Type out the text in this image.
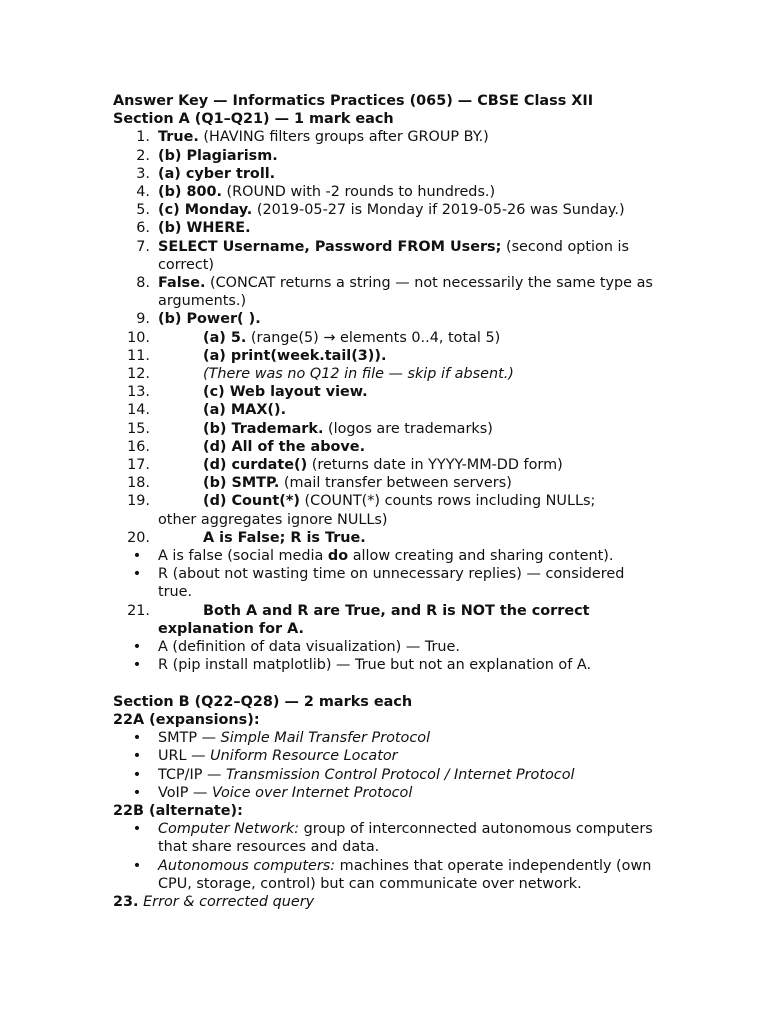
Answer Key — Informatics Practices (065) — CBSE Class XII
Section A (Q1–Q21) — 1 mark each
1. True. (HAVING filters groups after GROUP BY.)
2. (b) Plagiarism.
3. (a) cyber troll.
4. (b) 800. (ROUND with -2 rounds to hundreds.)
5. (c) Monday. (2019-05-27 is Monday if 2019-05-26 was Sunday.)
6. (b) WHERE.
7. SELECT Username, Password FROM Users; (second option is correct)
8. False. (CONCAT returns a string — not necessarily the same type as arguments.)
9. (b) Power( ).
10.	(a) 5. (range(5) → elements 0..4, total 5)
11.	(a) print(week.tail(3)).
12.	(There was no Q12 in file — skip if absent.)
13.	(c) Web layout view.
14.	(a) MAX().
15.	(b) Trademark. (logos are trademarks)
16.	(d) All of the above.
17.	(d) curdate() (returns date in YYYY-MM-DD form)
18.	(b) SMTP. (mail transfer between servers)
19.	(d) Count(*) (COUNT(*) counts rows including NULLs;
other aggregates ignore NULLs)
20.	A is False; R is True.
•	A is false (social media do allow creating and sharing content).
•	R (about not wasting time on unnecessary replies) — considered true.
21.	Both A and R are True, and R is NOT the correct
explanation for A.
•	A (definition of data visualization) — True.
•	R (pip install matplotlib) — True but not an explanation of A.
Section B (Q22–Q28) — 2 marks each
22A (expansions):
•	SMTP — Simple Mail Transfer Protocol
•	URL — Uniform Resource Locator
•	TCP/IP — Transmission Control Protocol / Internet Protocol
•	VoIP — Voice over Internet Protocol
22B (alternate):
•	Computer Network: group of interconnected autonomous computers that share resources and data.
•	Autonomous computers: machines that operate independently (own CPU, storage, control) but can communicate over network.
23. Error & corrected query
